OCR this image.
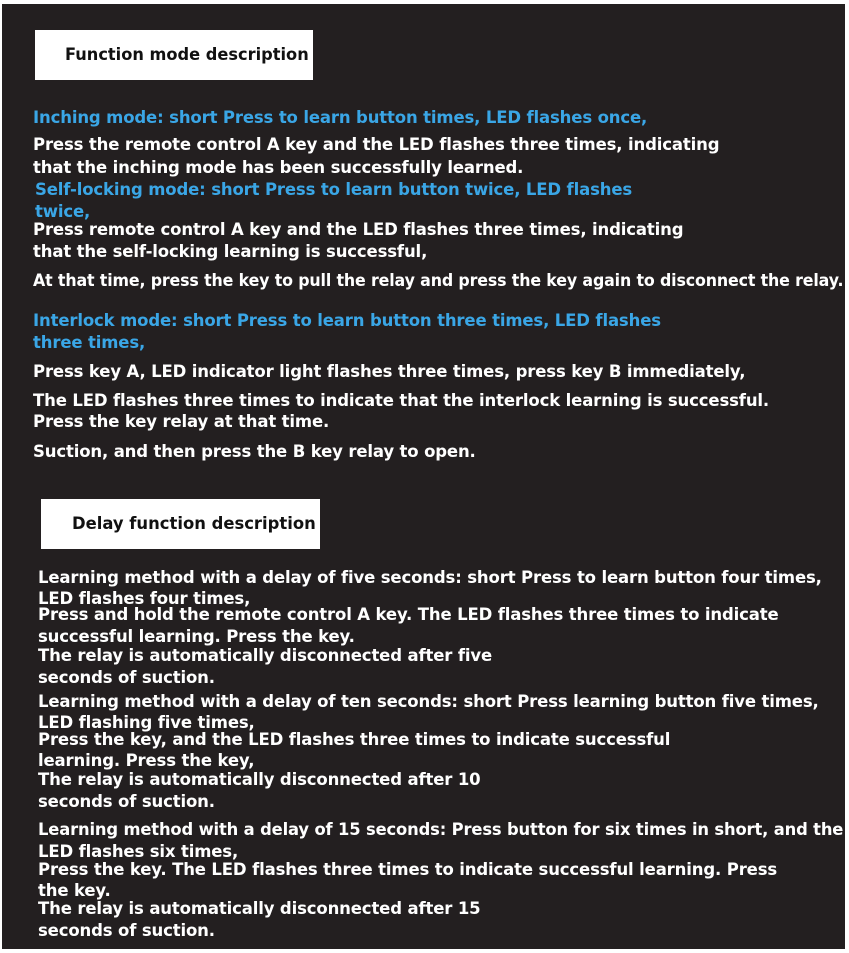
Function mode description
Inching mode: short Press to learn button times, LED flashes once,
Press the remote control A key and the LED flashes three times, indicating
that the inching mode has been successfully learned.
Self-locking mode: short Press to learn button twice, LED flashes
twice,
Press remote control A key and the LED flashes three times, indicating
that the self-locking learning is successful,
At that time, press the key to pull the relay and press the key again to disconnect the relay.
Interlock mode: short Press to learn button three times, LED flashes
three times,
Press key A, LED indicator light flashes three times, press key B immediately,
The LED flashes three times to indicate that the interlock learning is successful.
Press the key relay at that time.
Suction, and then press the B key relay to open.
Delay function description
Learning method with a delay of five seconds: short Press to learn button four times,
LED flashes four times,
Press and hold the remote control A key. The LED flashes three times to indicate
successful learning. Press the key.
The relay is automatically disconnected after five
seconds of suction.
Learning method with a delay of ten seconds: short Press learning button five times,
LED flashing five times,
Press the key, and the LED flashes three times to indicate successful
learning. Press the key,
The relay is automatically disconnected after 10
seconds of suction.
Learning method with a delay of 15 seconds: Press button for six times in short, and the
LED flashes six times,
Press the key. The LED flashes three times to indicate successful learning. Press
the key.
The relay is automatically disconnected after 15
seconds of suction.
